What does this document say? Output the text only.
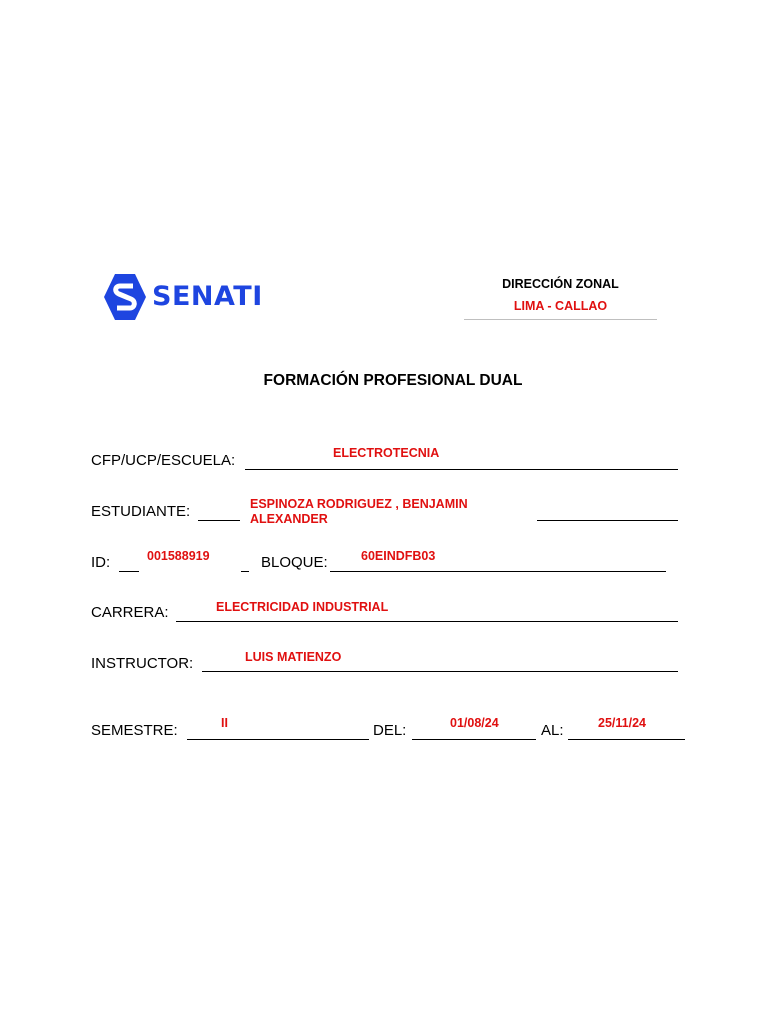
SENATI	DIRECCIÓN ZONAL
LIMA - CALLAO
FORMACIÓN PROFESIONAL DUAL
CFP/UCP/ESCUELA:	ELECTROTECNIA
ESTUDIANTE:	ESPINOZA RODRIGUEZ , BENJAMIN
ALEXANDER
ID:	001588919	BLOQUE:	60EINDFB03
CARRERA:	ELECTRICIDAD INDUSTRIAL
INSTRUCTOR:	LUIS MATIENZO
SEMESTRE:	II	DEL:	01/08/24	AL:	25/11/24
